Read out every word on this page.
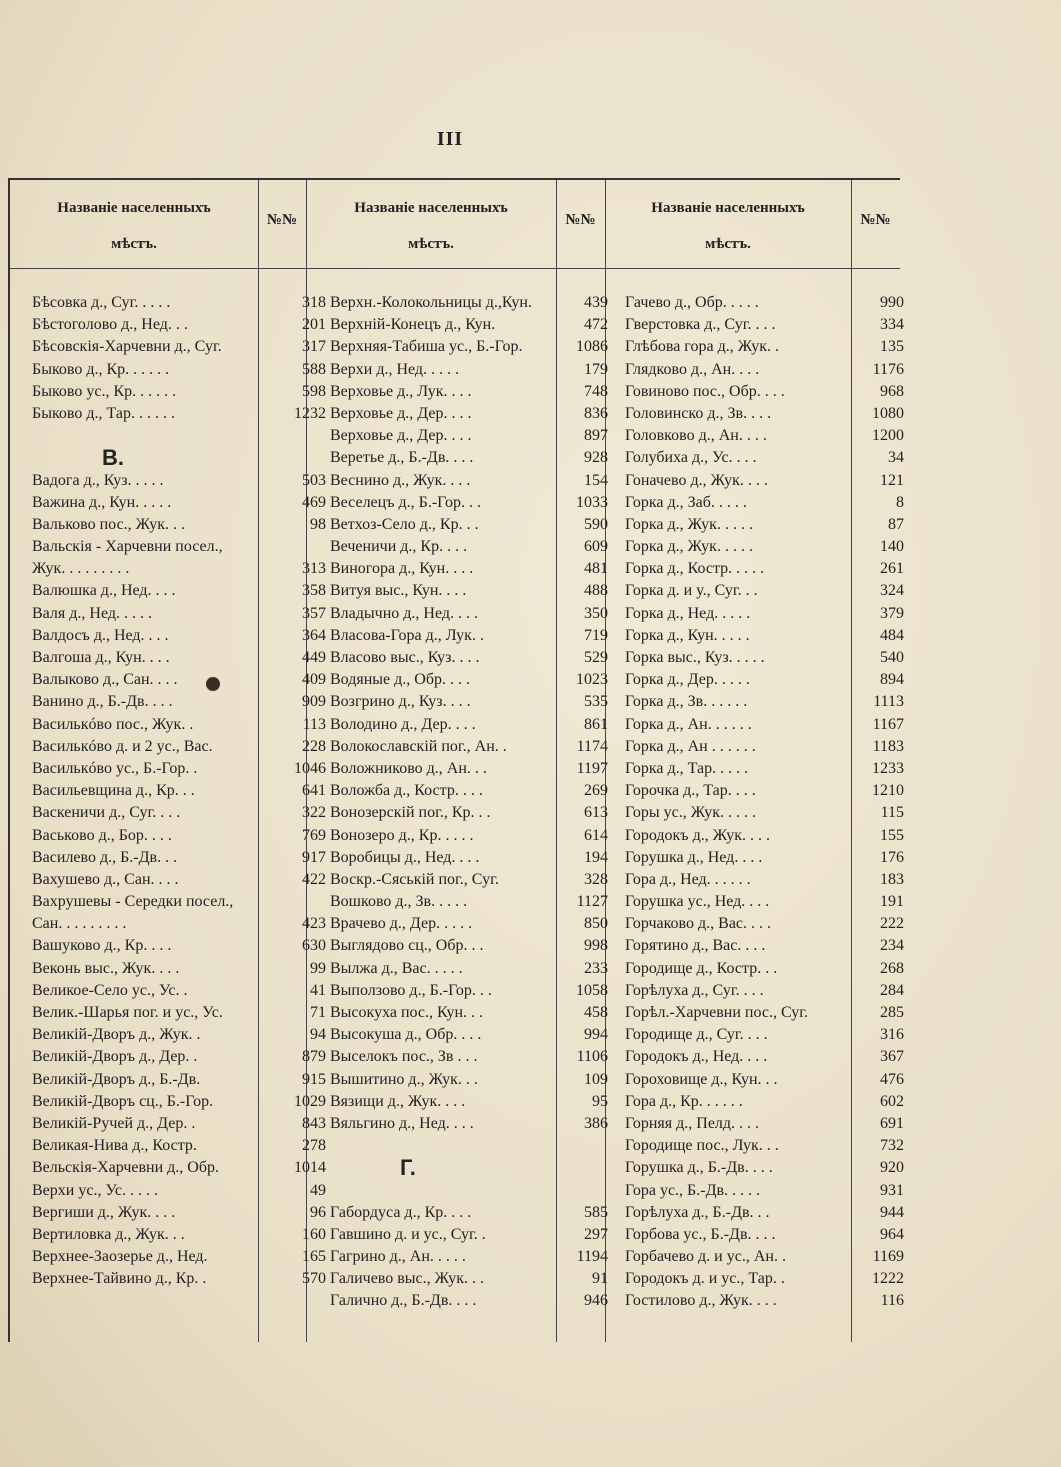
III
Названіе населенныхъ
мѣстъ.
№№
Бѣсовка д., Суг. . . . .	318
Бѣстоголово д., Нед. . .	201
Бѣсовскія-Харчевни д., Суг.	317
Быково д., Кр. . . . . .	588
Быково ус., Кр. . . . . .	598
Быково д., Тар. . . . . .	1232
В.
Вадога д., Куз. . . . .	503
Важина д., Кун. . . . .	469
Вальково пос., Жук. . .	98
Вальскія - Харчевни посел.,
Жук. . . . . . . . .	313
Валюшка д., Нед. . . .	358
Валя д., Нед. . . . .	357
Валдосъ д., Нед. . . .	364
Валгоша д., Кун. . . .	449
Валыково д., Сан. . . .	409
Ванино д., Б.-Дв. . . .	909
Василькóво пос., Жук. .	113
Василькóво д. и 2 ус., Вас.	228
Василькóво ус., Б.-Гор. .	1046
Васильевщина д., Кр. . .	641
Васкеничи д., Суг. . . .	322
Васьково д., Бор. . . .	769
Василево д., Б.-Дв. . .	917
Вахушево д., Сан. . . .	422
Вахрушевы - Середки посел.,
Сан. . . . . . . . .	423
Вашуково д., Кр. . . .	630
Веконь выс., Жук. . . .	99
Великое-Село ус., Ус. .	41
Велик.-Шарья пог. и ус., Ус.	71
Великій-Дворъ д., Жук. .	94
Великій-Дворъ д., Дер. .	879
Великій-Дворъ д., Б.-Дв.	915
Великій-Дворъ сц., Б.-Гор.	1029
Великій-Ручей д., Дер. .	843
Великая-Нива д., Костр.	278
Вельскія-Харчевни д., Обр.	1014
Верхи ус., Ус. . . . .	49
Вергиши д., Жук. . . .	96
Вертиловка д., Жук. . .	160
Верхнее-Заозерье д., Нед.	165
Верхнее-Тайвино д., Кр. .	570
Названіе населенныхъ
мѣстъ.
№№
Верхн.-Колокольницы д.,Кун.	439
Верхній-Конецъ д., Кун.	472
Верхняя-Табиша ус., Б.-Гор.	1086
Верхи д., Нед. . . . .	179
Верховье д., Лук. . . .	748
Верховье д., Дер. . . .	836
Верховье д., Дер. . . .	897
Веретье д., Б.-Дв. . . .	928
Веснино д., Жук. . . .	154
Веселецъ д., Б.-Гор. . .	1033
Ветхоз-Село д., Кр. . .	590
Веченичи д., Кр. . . .	609
Виногора д., Кун. . . .	481
Витуя выс., Кун. . . .	488
Владычно д., Нед. . . .	350
Власова-Гора д., Лук. .	719
Власово выс., Куз. . . .	529
Водяные д., Обр. . . .	1023
Возгрино д., Куз. . . .	535
Володино д., Дер. . . .	861
Волокославскій пог., Ан. .	1174
Воложниково д., Ан. . .	1197
Воложба д., Костр. . . .	269
Вонозерскій пог., Кр. . .	613
Вонозеро д., Кр. . . . .	614
Воробицы д., Нед. . . .	194
Воскр.-Сяській пог., Суг.	328
Вошково д., Зв. . . . .	1127
Врачево д., Дер. . . . .	850
Выглядово сц., Обр. . .	998
Вылжа д., Вас. . . . .	233
Выползово д., Б.-Гор. . .	1058
Высокуха пос., Кун. . .	458
Высокуша д., Обр. . . .	994
Выселокъ пос., Зв . . .	1106
Вышитино д., Жук. . .	109
Вязищи д., Жук. . . .	95
Вяльгино д., Нед. . . .	386
Г.
Габордуса д., Кр. . . .	585
Гавшино д. и ус., Суг. .	297
Гагрино д., Ан. . . . .	1194
Галичево выс., Жук. . .	91
Галично д., Б.-Дв. . . .	946
Названіе населенныхъ
мѣстъ.
№№
Гачево д., Обр. . . . .	990
Гверстовка д., Суг. . . .	334
Глѣбова гора д., Жук. .	135
Глядково д., Ан. . . .	1176
Говиново пос., Обр. . . .	968
Головинско д., Зв. . . .	1080
Головково д., Ан. . . .	1200
Голубиха д., Ус. . . .	34
Гоначево д., Жук. . . .	121
Горка д., Заб. . . . .	8
Горка д., Жук. . . . .	87
Горка д., Жук. . . . .	140
Горка д., Костр. . . . .	261
Горка д. и у., Суг. . .	324
Горка д., Нед. . . . .	379
Горка д., Кун. . . . .	484
Горка выс., Куз. . . . .	540
Горка д., Дер. . . . .	894
Горка д., Зв. . . . . .	1113
Горка д., Ан. . . . . .	1167
Горка д., Ан . . . . . .	1183
Горка д., Тар. . . . .	1233
Горочка д., Тар. . . .	1210
Горы ус., Жук. . . . .	115
Городокъ д., Жук. . . .	155
Горушка д., Нед. . . .	176
Гора д., Нед. . . . . .	183
Горушка ус., Нед. . . .	191
Горчаково д., Вас. . . .	222
Горятино д., Вас. . . .	234
Городище д., Костр. . .	268
Горѣлуха д., Суг. . . .	284
Горѣл.-Харчевни пос., Суг.	285
Городище д., Суг. . . .	316
Городокъ д., Нед. . . .	367
Гороховище д., Кун. . .	476
Гора д., Кр. . . . . .	602
Горняя д., Пелд. . . .	691
Городище пос., Лук. . .	732
Горушка д., Б.-Дв. . . .	920
Гора ус., Б.-Дв. . . . .	931
Горѣлуха д., Б.-Дв. . .	944
Горбова ус., Б.-Дв. . . .	964
Горбачево д. и ус., Ан. .	1169
Городокъ д. и ус., Тар. .	1222
Гостилово д., Жук. . . .	116
